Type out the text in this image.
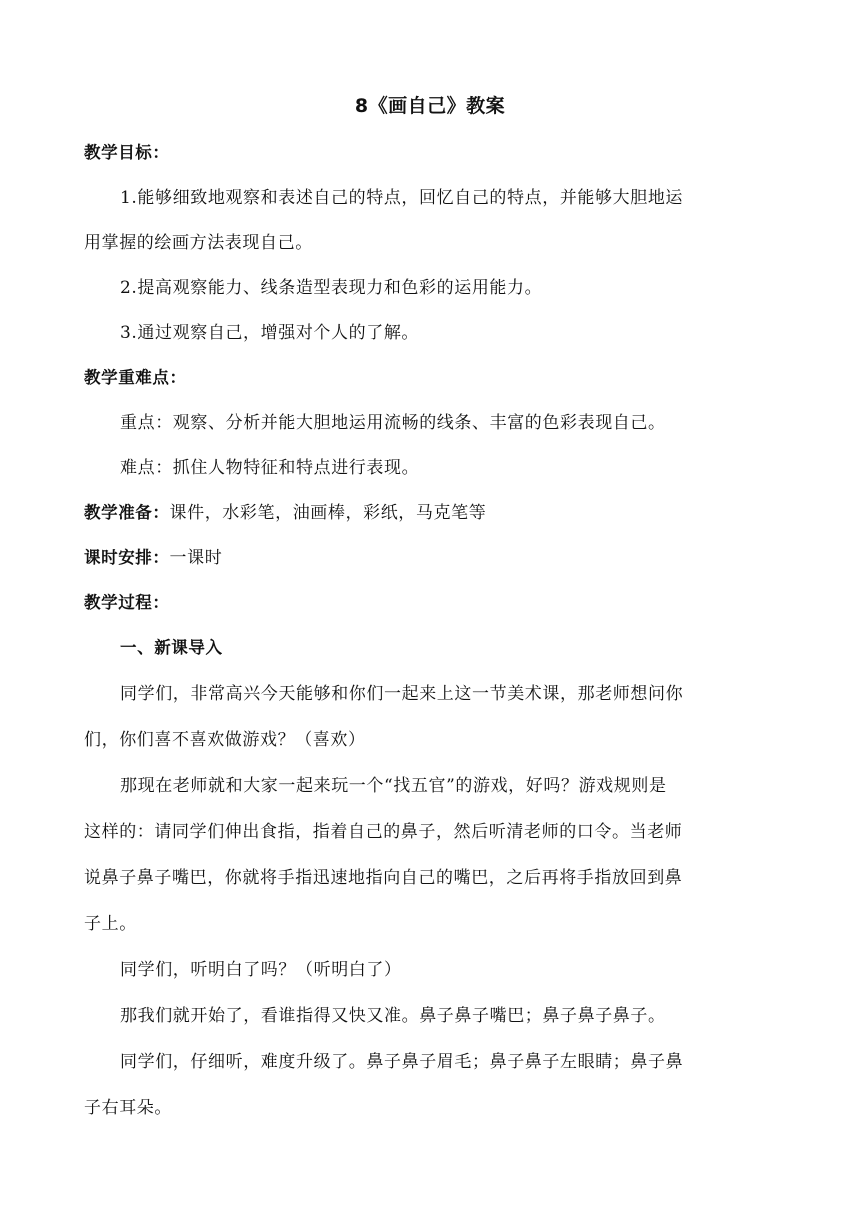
8《画自己》教案
教学目标：
1.能够细致地观察和表述自己的特点，回忆自己的特点，并能够大胆地运
用掌握的绘画方法表现自己。
2.提高观察能力、线条造型表现力和色彩的运用能力。
3.通过观察自己，增强对个人的了解。
教学重难点：
重点：观察、分析并能大胆地运用流畅的线条、丰富的色彩表现自己。
难点：抓住人物特征和特点进行表现。
教学准备：课件，水彩笔，油画棒，彩纸，马克笔等
课时安排：一课时
教学过程：
一、新课导入
同学们，非常高兴今天能够和你们一起来上这一节美术课，那老师想问你
们，你们喜不喜欢做游戏？（喜欢）
那现在老师就和大家一起来玩一个“找五官”的游戏，好吗？游戏规则是
这样的：请同学们伸出食指，指着自己的鼻子，然后听清老师的口令。当老师
说鼻子鼻子嘴巴，你就将手指迅速地指向自己的嘴巴，之后再将手指放回到鼻
子上。
同学们，听明白了吗？（听明白了）
那我们就开始了，看谁指得又快又准。鼻子鼻子嘴巴；鼻子鼻子鼻子。
同学们，仔细听，难度升级了。鼻子鼻子眉毛；鼻子鼻子左眼睛；鼻子鼻
子右耳朵。
